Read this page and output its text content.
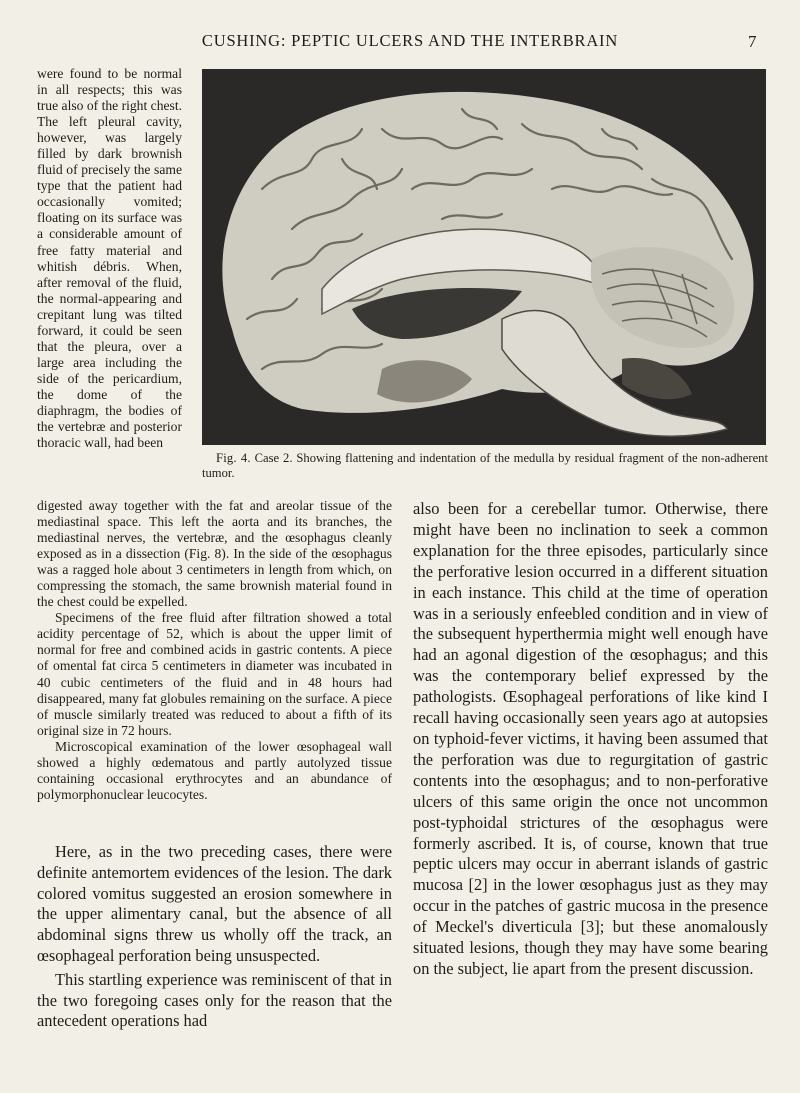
CUSHING: PEPTIC ULCERS AND THE INTERBRAIN	7

were found to be normal in all respects; this was true also of the right chest. The left pleural cavity, however, was largely filled by dark brownish fluid of precisely the same type that the patient had occasionally vomited; floating on its surface was a considerable amount of free fatty material and whitish débris. When, after removal of the fluid, the normal-appearing and crepitant lung was tilted forward, it could be seen that the pleura, over a large area including the side of the pericardium, the dome of the diaphragm, the bodies of the vertebræ and posterior thoracic wall, had been

Fig. 4. Case 2. Showing flattening and indentation of the medulla by residual fragment of the non-adherent tumor.

digested away together with the fat and areolar tissue of the mediastinal space. This left the aorta and its branches, the mediastinal nerves, the vertebræ, and the œsophagus cleanly exposed as in a dissection (Fig. 8). In the side of the œsophagus was a ragged hole about 3 centimeters in length from which, on compressing the stomach, the same brownish material found in the chest could be expelled.

Specimens of the free fluid after filtration showed a total acidity percentage of 52, which is about the upper limit of normal for free and combined acids in gastric contents. A piece of omental fat circa 5 centimeters in diameter was incubated in 40 cubic centimeters of the fluid and in 48 hours had disappeared, many fat globules remaining on the surface. A piece of muscle similarly treated was reduced to about a fifth of its original size in 72 hours.

Microscopical examination of the lower œsophageal wall showed a highly œdematous and partly autolyzed tissue containing occasional erythrocytes and an abundance of polymorphonuclear leucocytes.

Here, as in the two preceding cases, there were definite antemortem evidences of the lesion. The dark colored vomitus suggested an erosion somewhere in the upper alimentary canal, but the absence of all abdominal signs threw us wholly off the track, an œsophageal perforation being unsuspected.

This startling experience was reminiscent of that in the two foregoing cases only for the reason that the antecedent operations had

also been for a cerebellar tumor. Otherwise, there might have been no inclination to seek a common explanation for the three episodes, particularly since the perforative lesion occurred in a different situation in each instance. This child at the time of operation was in a seriously enfeebled condition and in view of the subsequent hyperthermia might well enough have had an agonal digestion of the œsophagus; and this was the contemporary belief expressed by the pathologists. Œsophageal perforations of like kind I recall having occasionally seen years ago at autopsies on typhoid-fever victims, it having been assumed that the perforation was due to regurgitation of gastric contents into the œsophagus; and to non-perforative ulcers of this same origin the once not uncommon post-typhoidal strictures of the œsophagus were formerly ascribed. It is, of course, known that true peptic ulcers may occur in aberrant islands of gastric mucosa [2] in the lower œsophagus just as they may occur in the patches of gastric mucosa in the presence of Meckel's diverticula [3]; but these anomalously situated lesions, though they may have some bearing on the subject, lie apart from the present discussion.
